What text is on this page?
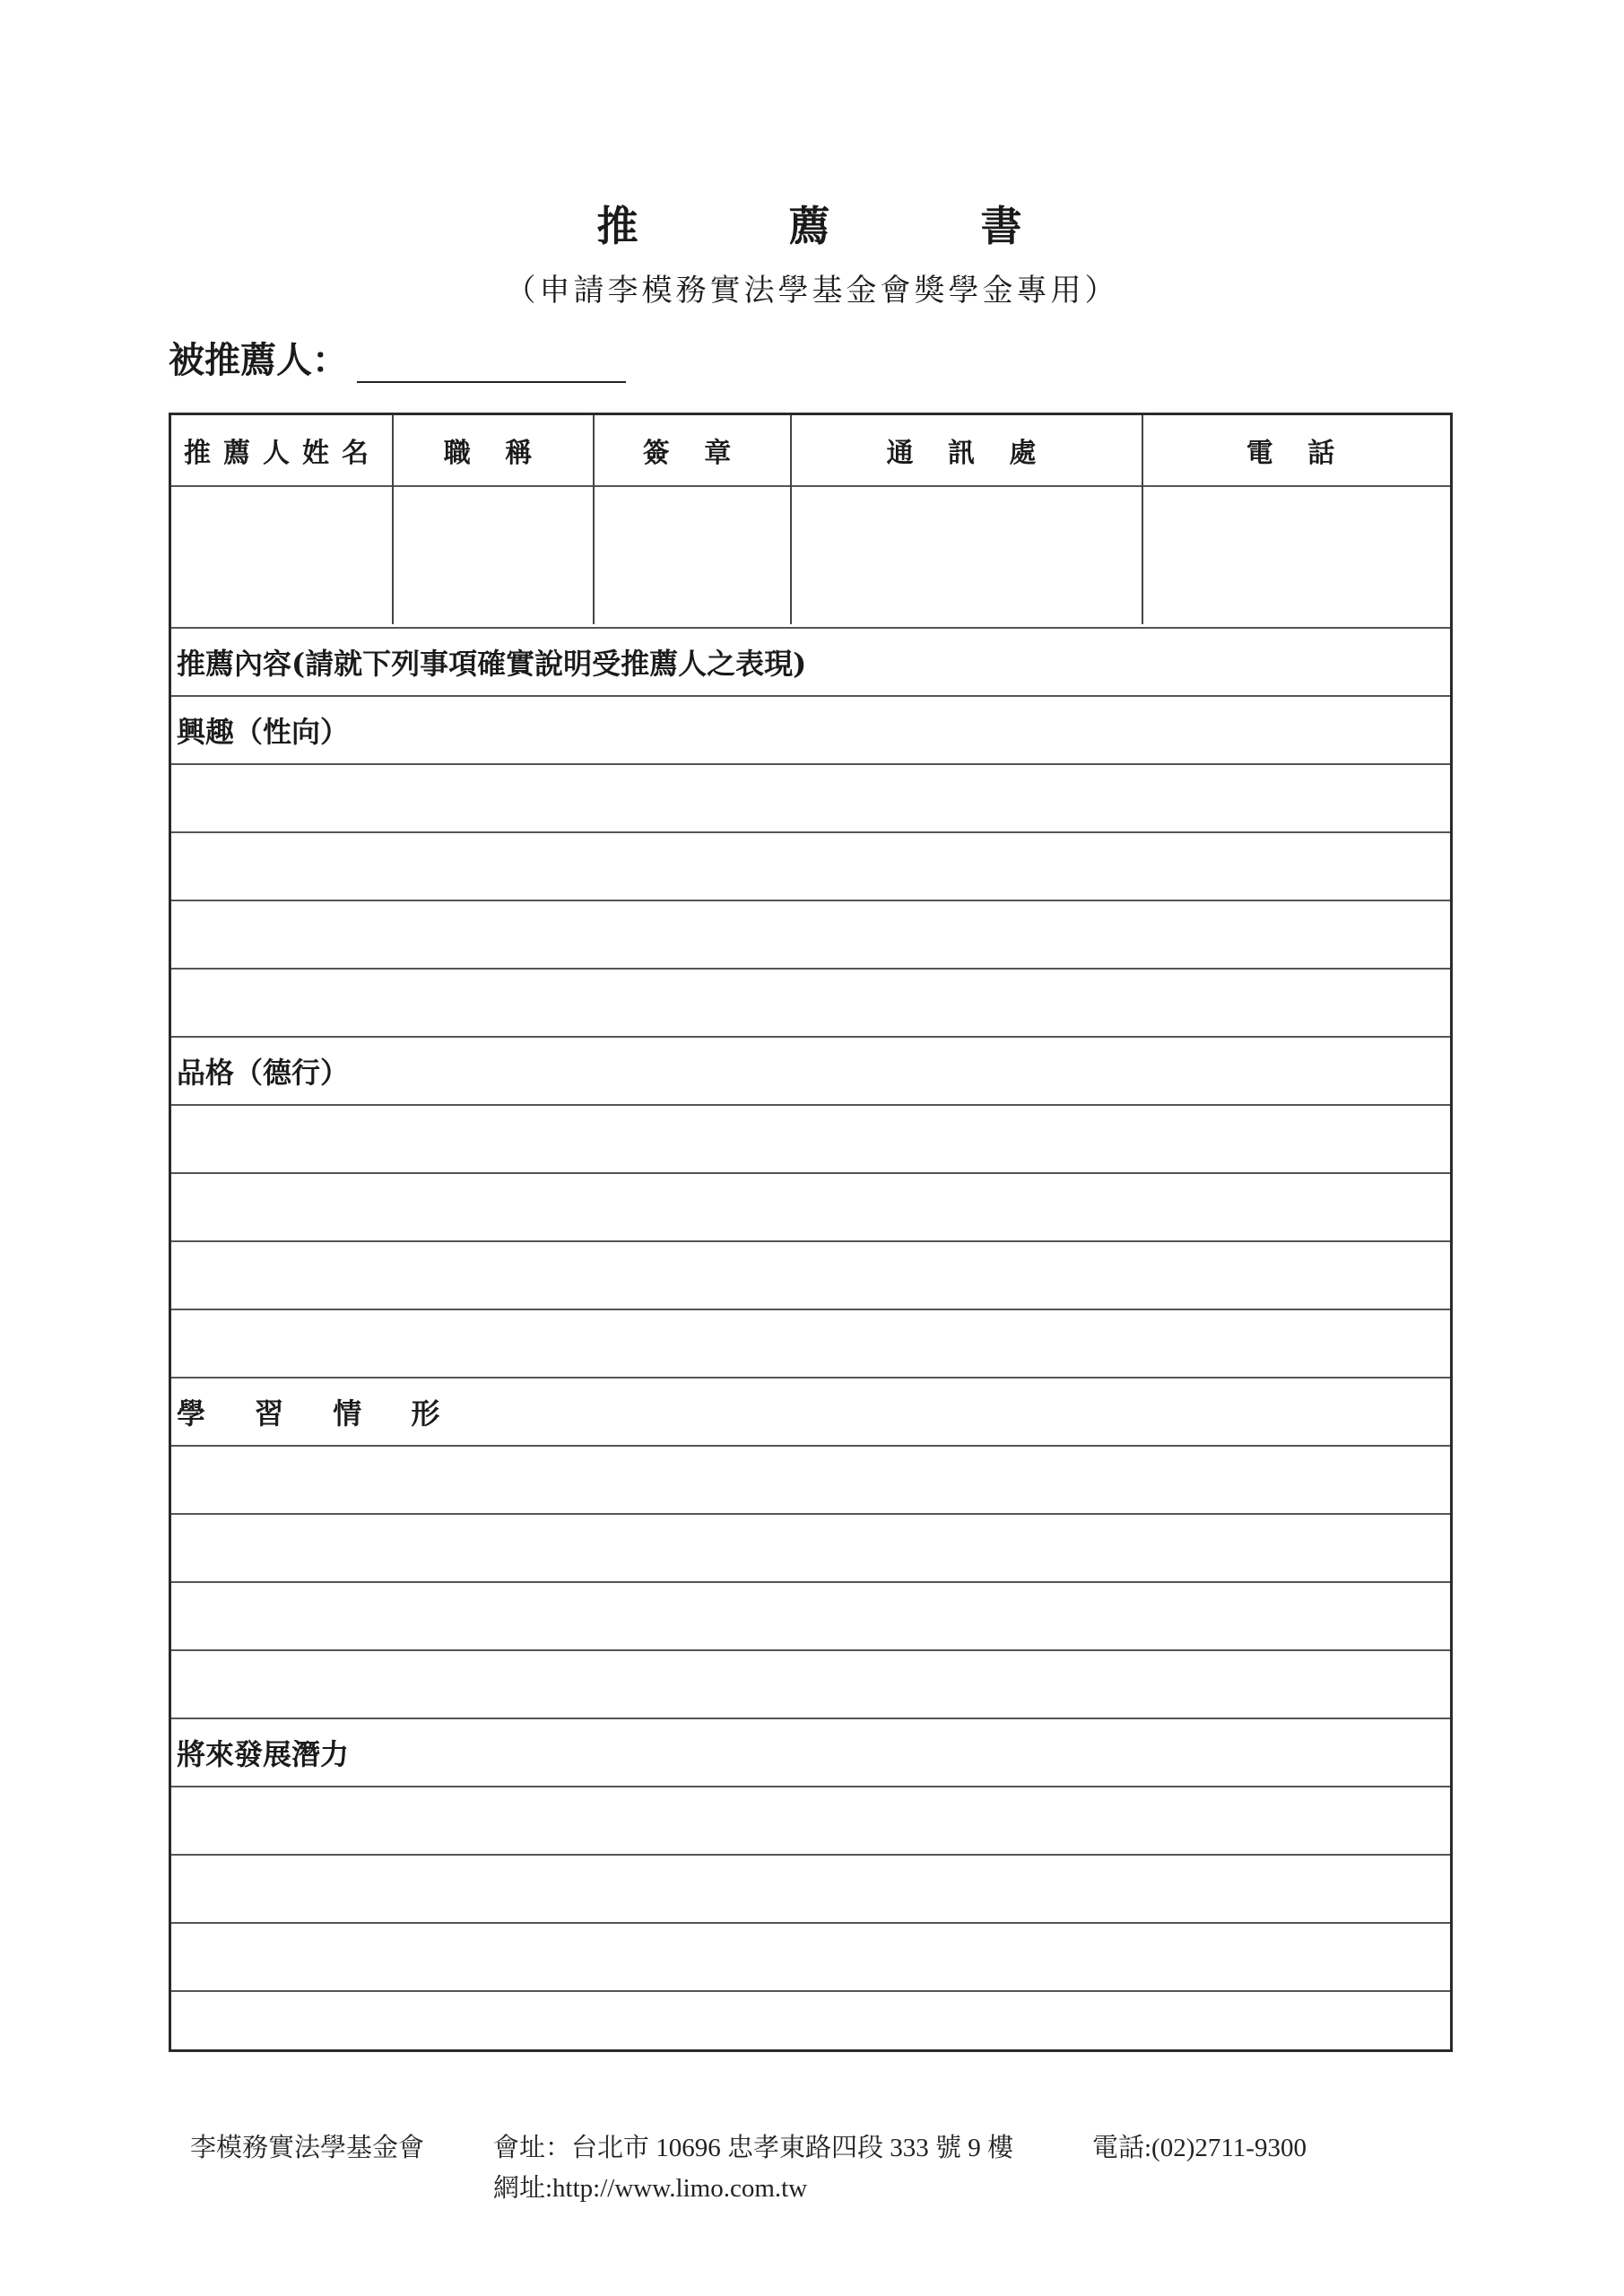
推	薦	書
（申請李模務實法學基金會獎學金專用）
被推薦人：
推薦人姓名	職 稱	簽 章	通 訊 處	電 話
推薦內容(請就下列事項確實說明受推薦人之表現)
興趣（性向）
品格（德行）
學 習 情 形
將來發展潛力
李模務實法學基金會	會址：台北市 10696 忠孝東路四段 333 號 9 樓	電話:(02)2711-9300
網址:http://www.limo.com.tw
